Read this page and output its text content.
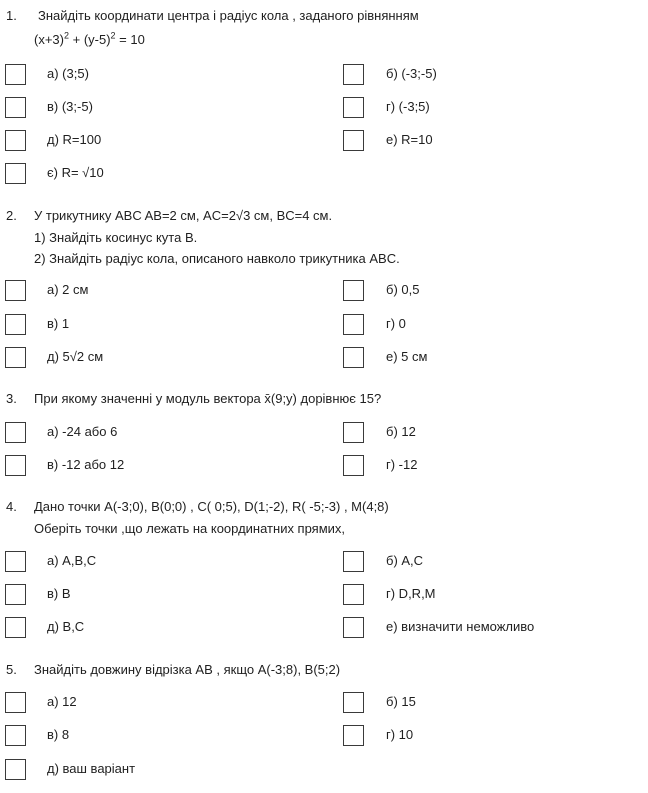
1. Знайдіть координати центра і радіус кола , заданого рівнянням
$(x+3)^2 + (y-5)^2 = 10$
а) (3;5)	б) (-3;-5)
в) (3;-5)	г) (-3;5)
д) R=100	е) R=10
є) R= √10
2. У трикутнику ABC AB=2 см, AC=2√3 см, BC=4 см.
1) Знайдіть косинус кута В.
2) Знайдіть радіус кола, описаного навколо трикутника ABC.
а) 2 см	б) 0,5
в) 1	г) 0
д) 5√2 см	е) 5 см
3. При якому значенні у модуль вектора x̄(9;y) дорівнює 15?
а) -24 або 6	б) 12
в) -12 або 12	г) -12
4. Дано точки A(-3;0), B(0;0) , C( 0;5), D(1;-2), R( -5;-3) , M(4;8)
Оберіть точки ,що лежать на координатних прямих,
а) A,B,C	б) A,C
в) B	г) D,R,M
д) B,C	е) визначити неможливо
5. Знайдіть довжину відрізка AB , якщо A(-3;8), B(5;2)
а) 12	б) 15
в) 8	г) 10
д) ваш варіант
